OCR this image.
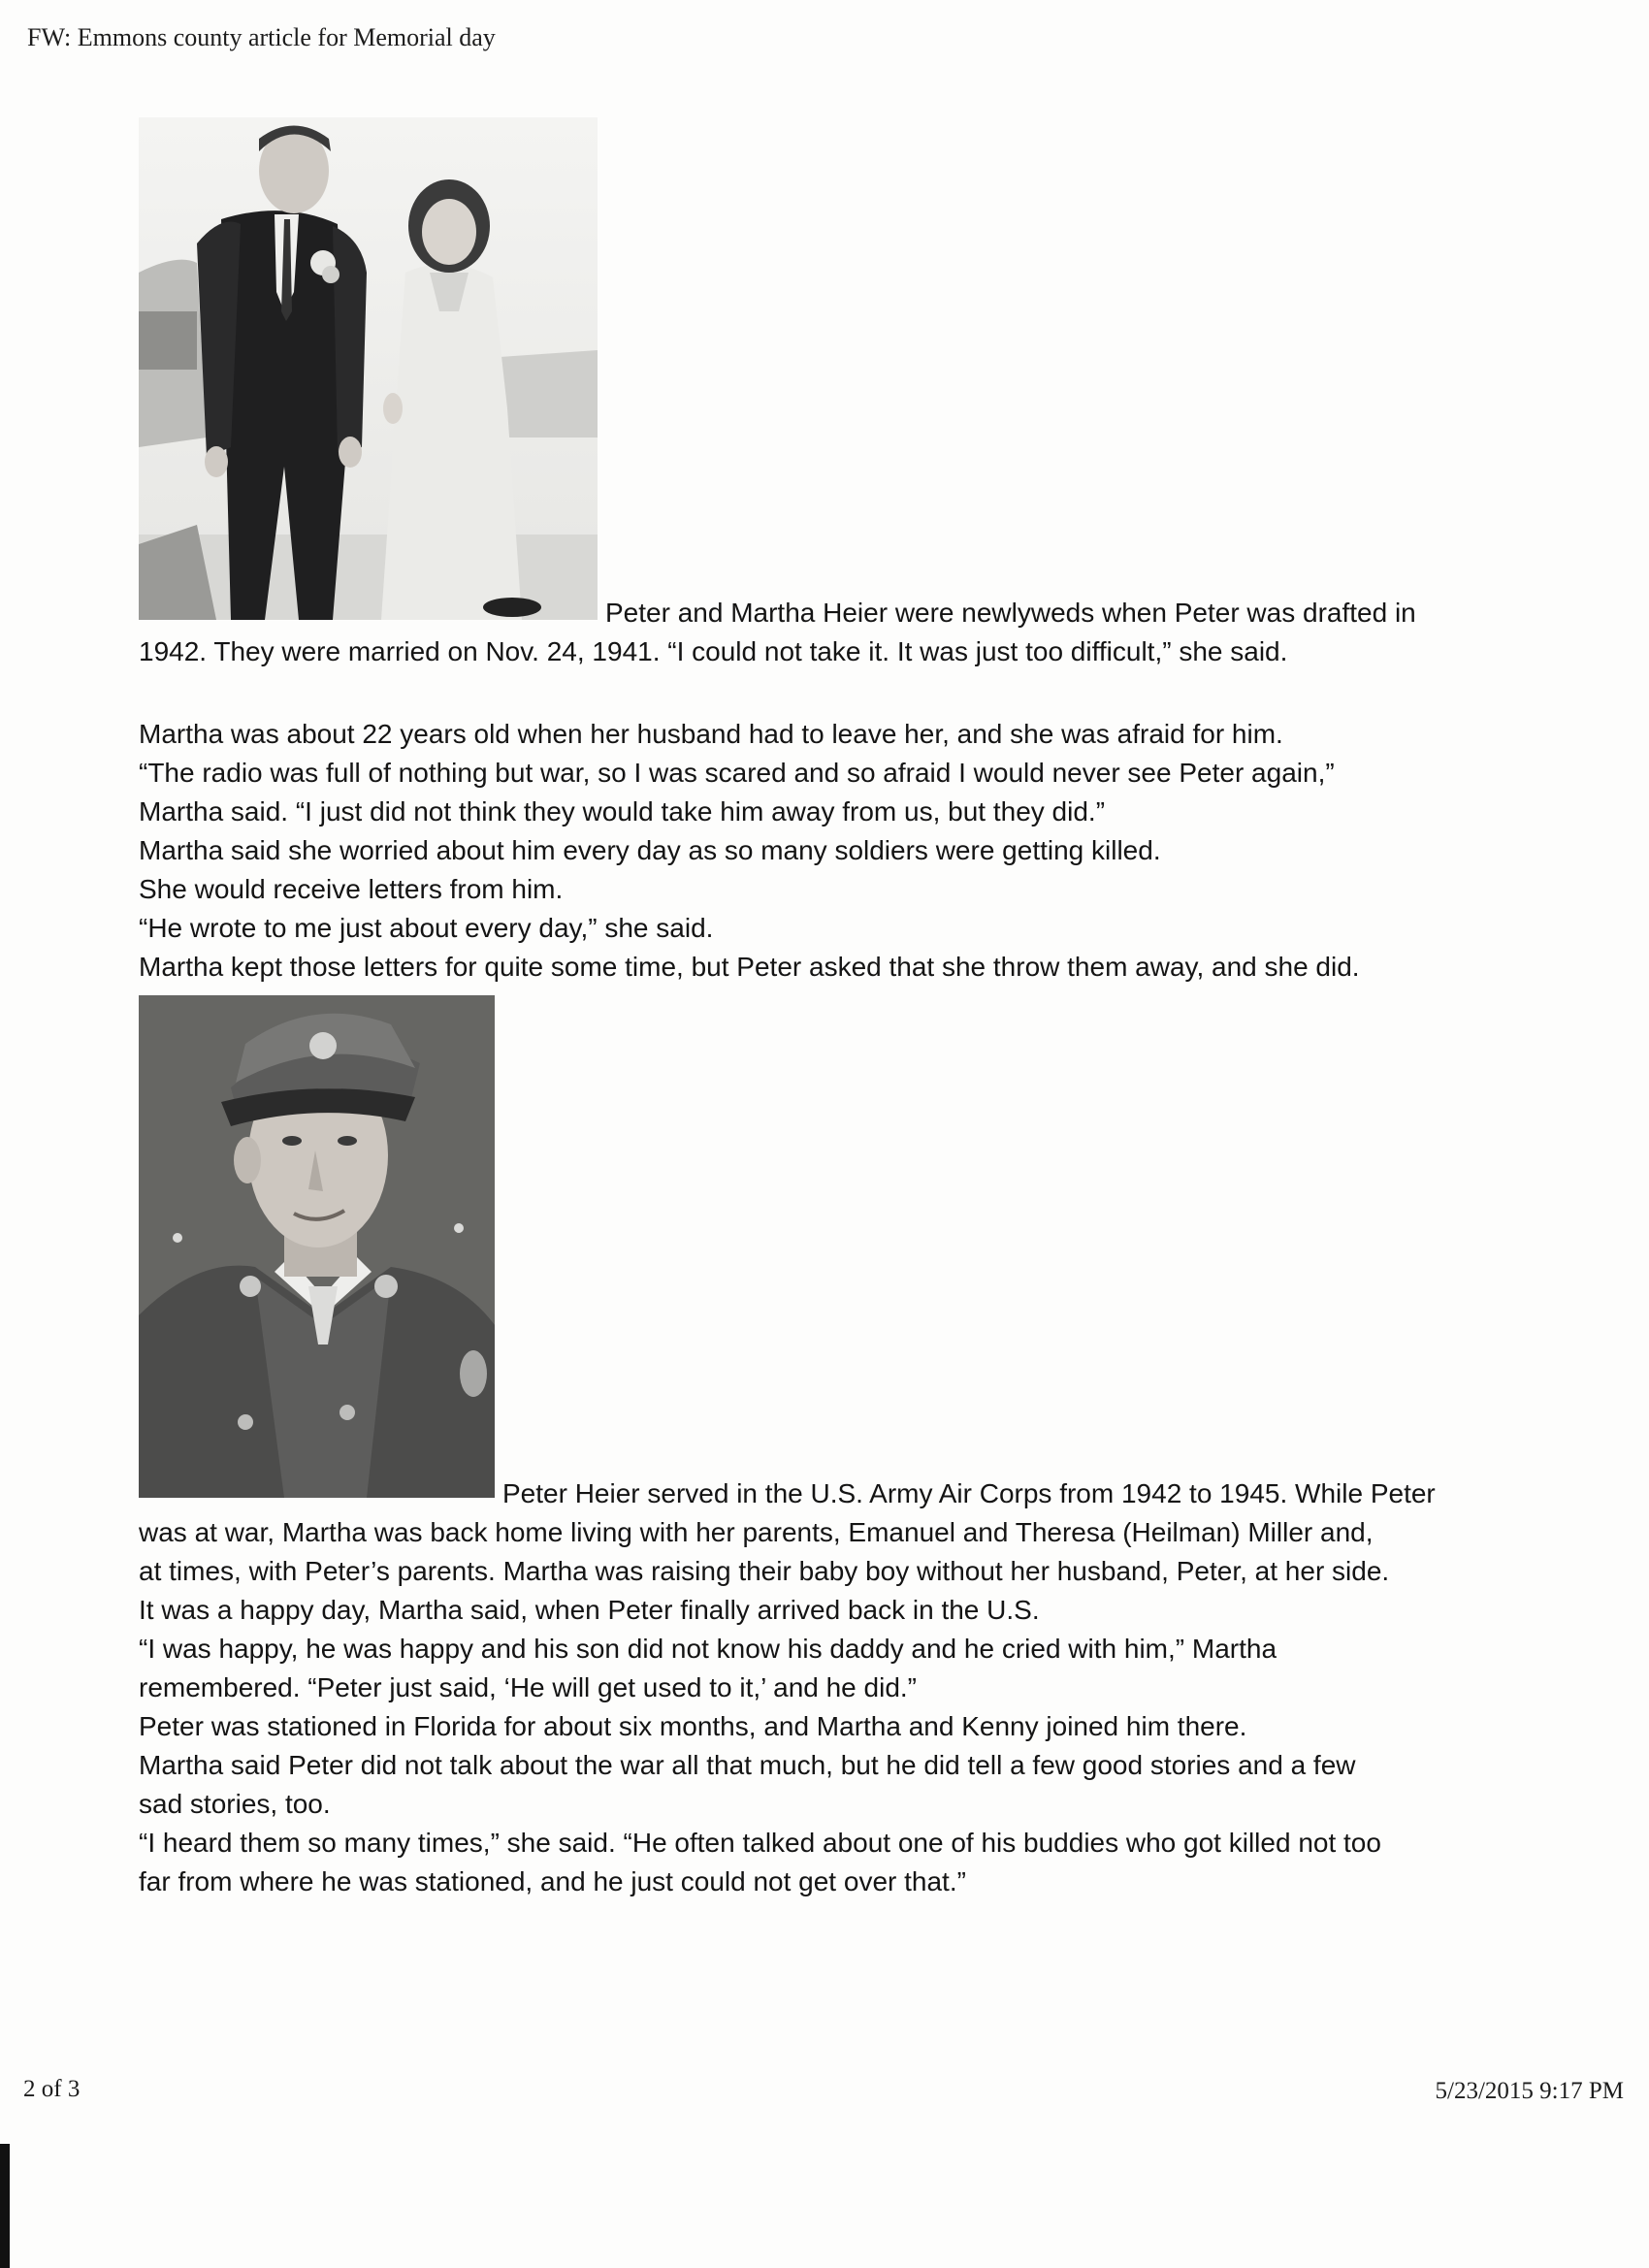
FW: Emmons county article for Memorial day
Peter and Martha Heier were newlyweds when Peter was drafted in
1942. They were married on Nov. 24, 1941. “I could not take it. It was just too difficult,” she said.
Martha was about 22 years old when her husband had to leave her, and she was afraid for him.
“The radio was full of nothing but war, so I was scared and so afraid I would never see Peter again,”
Martha said. “I just did not think they would take him away from us, but they did.”
Martha said she worried about him every day as so many soldiers were getting killed.
She would receive letters from him.
“He wrote to me just about every day,” she said.
Martha kept those letters for quite some time, but Peter asked that she throw them away, and she did.
Peter Heier served in the U.S. Army Air Corps from 1942 to 1945. While Peter
was at war, Martha was back home living with her parents, Emanuel and Theresa (Heilman) Miller and,
at times, with Peter’s parents. Martha was raising their baby boy without her husband, Peter, at her side.
It was a happy day, Martha said, when Peter finally arrived back in the U.S.
“I was happy, he was happy and his son did not know his daddy and he cried with him,” Martha
remembered. “Peter just said, ‘He will get used to it,’ and he did.”
Peter was stationed in Florida for about six months, and Martha and Kenny joined him there.
Martha said Peter did not talk about the war all that much, but he did tell a few good stories and a few
sad stories, too.
“I heard them so many times,” she said. “He often talked about one of his buddies who got killed not too
far from where he was stationed, and he just could not get over that.”
2 of 3	5/23/2015 9:17 PM
